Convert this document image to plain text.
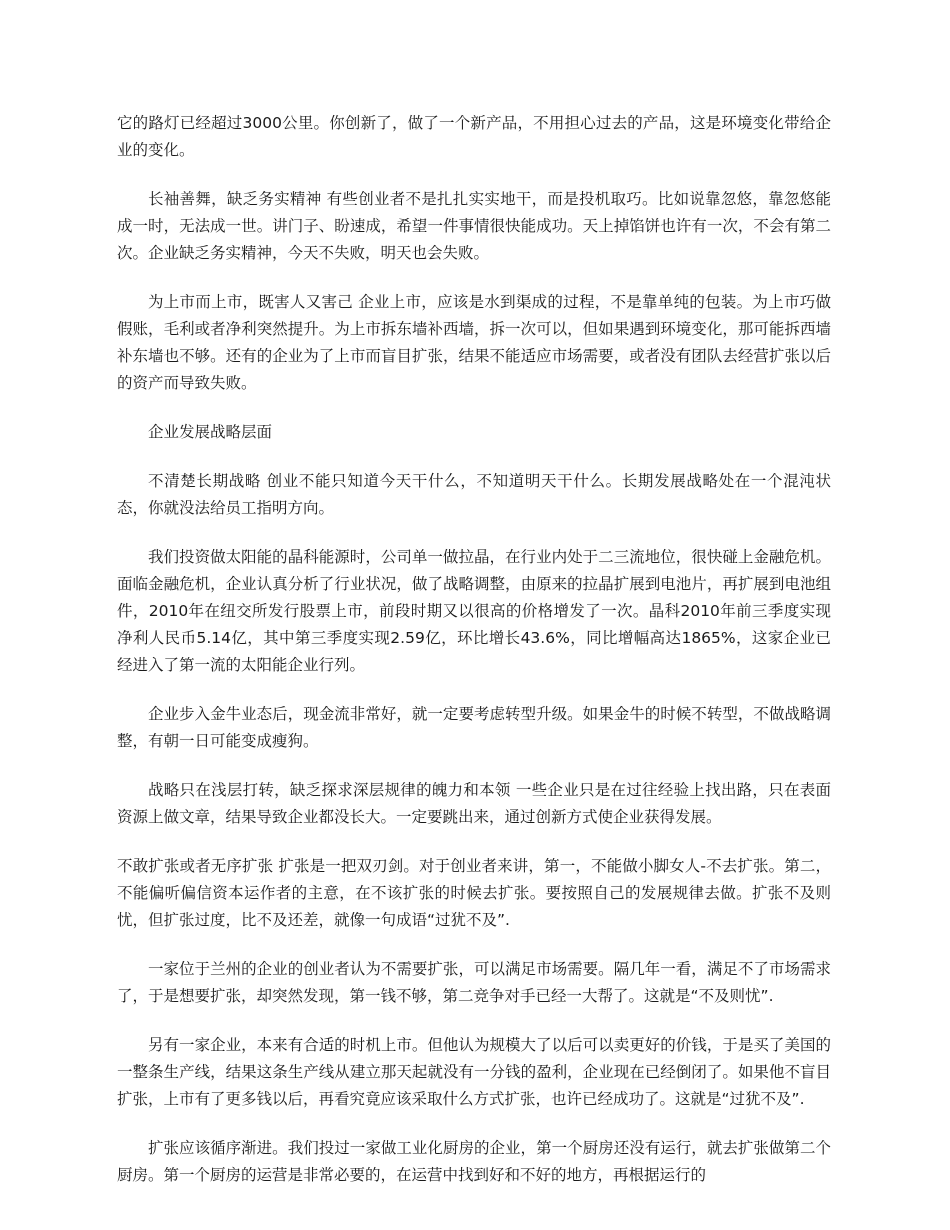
它的路灯已经超过3000公里。你创新了，做了一个新产品，不用担心过去的产品，这是环境变化带给企业的变化。

长袖善舞，缺乏务实精神 有些创业者不是扎扎实实地干，而是投机取巧。比如说靠忽悠，靠忽悠能成一时，无法成一世。讲门子、盼速成，希望一件事情很快能成功。天上掉馅饼也许有一次，不会有第二次。企业缺乏务实精神，今天不失败，明天也会失败。

为上市而上市，既害人又害己 企业上市，应该是水到渠成的过程，不是靠单纯的包装。为上市巧做假账，毛利或者净利突然提升。为上市拆东墙补西墙，拆一次可以，但如果遇到环境变化，那可能拆西墙补东墙也不够。还有的企业为了上市而盲目扩张，结果不能适应市场需要，或者没有团队去经营扩张以后的资产而导致失败。

企业发展战略层面

不清楚长期战略 创业不能只知道今天干什么，不知道明天干什么。长期发展战略处在一个混沌状态，你就没法给员工指明方向。

我们投资做太阳能的晶科能源时，公司单一做拉晶，在行业内处于二三流地位，很快碰上金融危机。面临金融危机，企业认真分析了行业状况，做了战略调整，由原来的拉晶扩展到电池片，再扩展到电池组件，2010年在纽交所发行股票上市，前段时期又以很高的价格增发了一次。晶科2010年前三季度实现净利人民币5.14亿，其中第三季度实现2.59亿，环比增长43.6%，同比增幅高达1865%，这家企业已经进入了第一流的太阳能企业行列。

企业步入金牛业态后，现金流非常好，就一定要考虑转型升级。如果金牛的时候不转型，不做战略调整，有朝一日可能变成瘦狗。

战略只在浅层打转，缺乏探求深层规律的魄力和本领 一些企业只是在过往经验上找出路，只在表面资源上做文章，结果导致企业都没长大。一定要跳出来，通过创新方式使企业获得发展。

不敢扩张或者无序扩张 扩张是一把双刃剑。对于创业者来讲，第一，不能做小脚女人-不去扩张。第二，不能偏听偏信资本运作者的主意，在不该扩张的时候去扩张。要按照自己的发展规律去做。扩张不及则忧，但扩张过度，比不及还差，就像一句成语“过犹不及”.

一家位于兰州的企业的创业者认为不需要扩张，可以满足市场需要。隔几年一看，满足不了市场需求了，于是想要扩张，却突然发现，第一钱不够，第二竞争对手已经一大帮了。这就是“不及则忧”.

另有一家企业，本来有合适的时机上市。但他认为规模大了以后可以卖更好的价钱，于是买了美国的一整条生产线，结果这条生产线从建立那天起就没有一分钱的盈利，企业现在已经倒闭了。如果他不盲目扩张，上市有了更多钱以后，再看究竟应该采取什么方式扩张，也许已经成功了。这就是“过犹不及”.

扩张应该循序渐进。我们投过一家做工业化厨房的企业，第一个厨房还没有运行，就去扩张做第二个厨房。第一个厨房的运营是非常必要的，在运营中找到好和不好的地方，再根据运行的
